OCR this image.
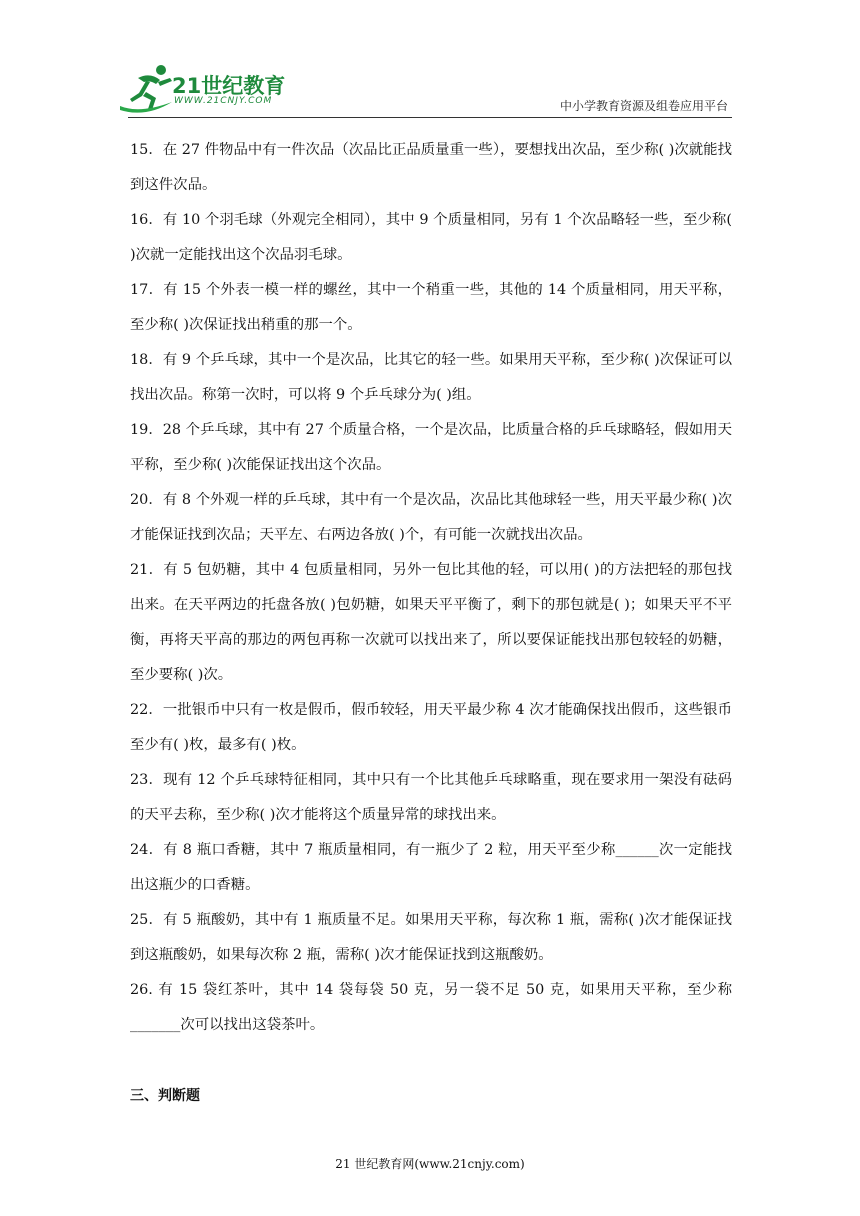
21世纪教育
WWW.21CNJY.COM	中小学教育资源及组卷应用平台

15．在 27 件物品中有一件次品（次品比正品质量重一些），要想找出次品，至少称( )次就能找到这件次品。

16．有 10 个羽毛球（外观完全相同），其中 9 个质量相同，另有 1 个次品略轻一些，至少称( )次就一定能找出这个次品羽毛球。

17．有 15 个外表一模一样的螺丝，其中一个稍重一些，其他的 14 个质量相同，用天平称，至少称( )次保证找出稍重的那一个。

18．有 9 个乒乓球，其中一个是次品，比其它的轻一些。如果用天平称，至少称( )次保证可以找出次品。称第一次时，可以将 9 个乒乓球分为( )组。

19．28 个乒乓球，其中有 27 个质量合格，一个是次品，比质量合格的乒乓球略轻，假如用天平称，至少称( )次能保证找出这个次品。

20．有 8 个外观一样的乒乓球，其中有一个是次品，次品比其他球轻一些，用天平最少称( )次才能保证找到次品；天平左、右两边各放( )个，有可能一次就找出次品。

21．有 5 包奶糖，其中 4 包质量相同，另外一包比其他的轻，可以用( )的方法把轻的那包找出来。在天平两边的托盘各放( )包奶糖，如果天平平衡了，剩下的那包就是( )；如果天平不平衡，再将天平高的那边的两包再称一次就可以找出来了，所以要保证能找出那包较轻的奶糖，至少要称( )次。

22．一批银币中只有一枚是假币，假币较轻，用天平最少称 4 次才能确保找出假币，这些银币至少有( )枚，最多有( )枚。

23．现有 12 个乒乓球特征相同，其中只有一个比其他乒乓球略重，现在要求用一架没有砝码的天平去称，至少称( )次才能将这个质量异常的球找出来。

24．有 8 瓶口香糖，其中 7 瓶质量相同，有一瓶少了 2 粒，用天平至少称______次一定能找出这瓶少的口香糖。

25．有 5 瓶酸奶，其中有 1 瓶质量不足。如果用天平称，每次称 1 瓶，需称( )次才能保证找到这瓶酸奶，如果每次称 2 瓶，需称( )次才能保证找到这瓶酸奶。

26. 有 15 袋红茶叶，其中 14 袋每袋 50 克，另一袋不足 50 克，如果用天平称，至少称_______次可以找出这袋茶叶。

三、判断题
21 世纪教育网(www.21cnjy.com)
